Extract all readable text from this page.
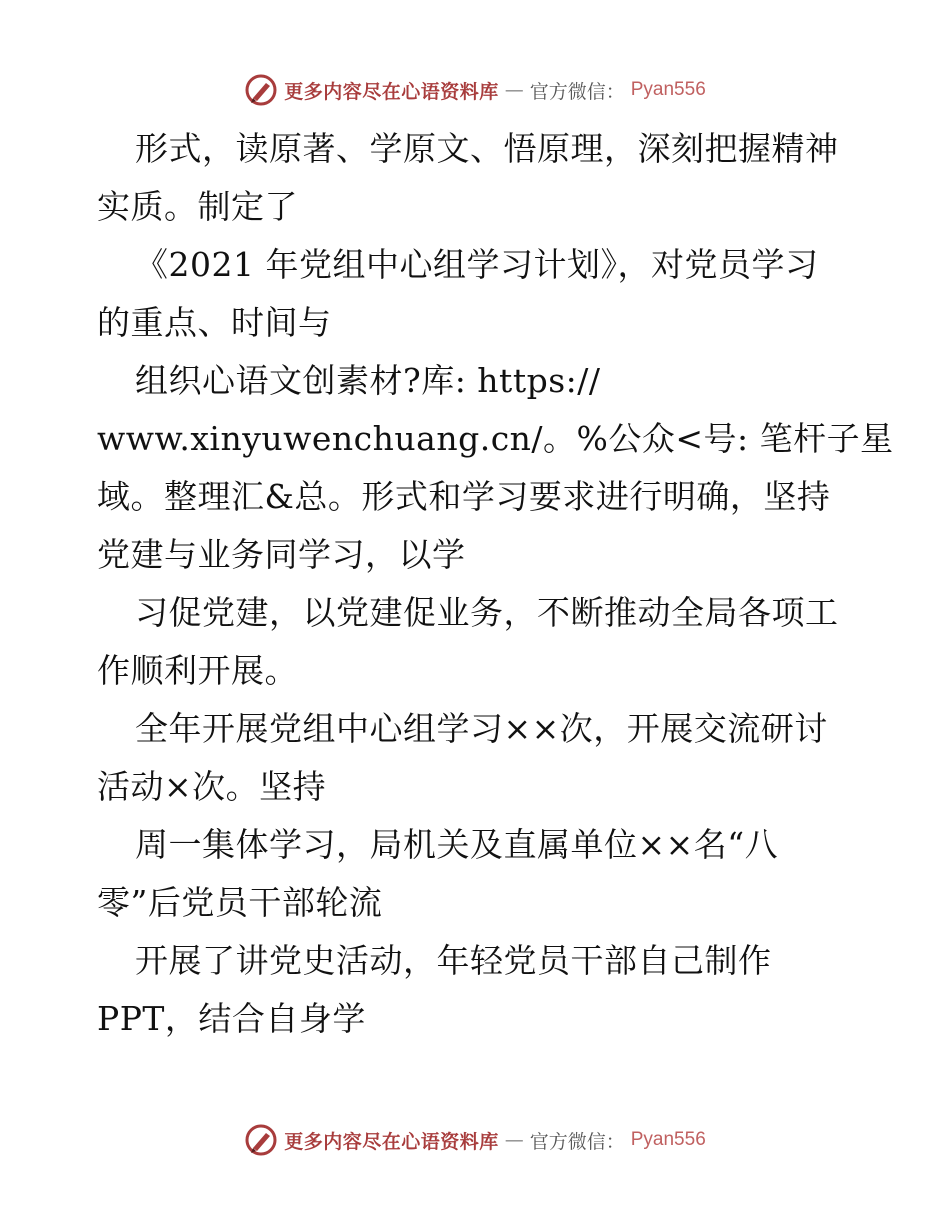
更多内容尽在心语资料库 — 官方微信： Pyan556
形式，读原著、学原文、悟原理，深刻把握精神
实质。制定了
《2021 年党组中心组学习计划》，对党员学习
的重点、时间与
组织心语文创素材?库: https://
www.xinyuwenchuang.cn/。%公众<号: 笔杆子星
域。整理汇&总。形式和学习要求进行明确，坚持
党建与业务同学习，以学
习促党建，以党建促业务，不断推动全局各项工
作顺利开展。
全年开展党组中心组学习××次，开展交流研讨
活动×次。坚持
周一集体学习，局机关及直属单位××名“八
零”后党员干部轮流
开展了讲党史活动，年轻党员干部自己制作
PPT，结合自身学
更多内容尽在心语资料库 — 官方微信： Pyan556
